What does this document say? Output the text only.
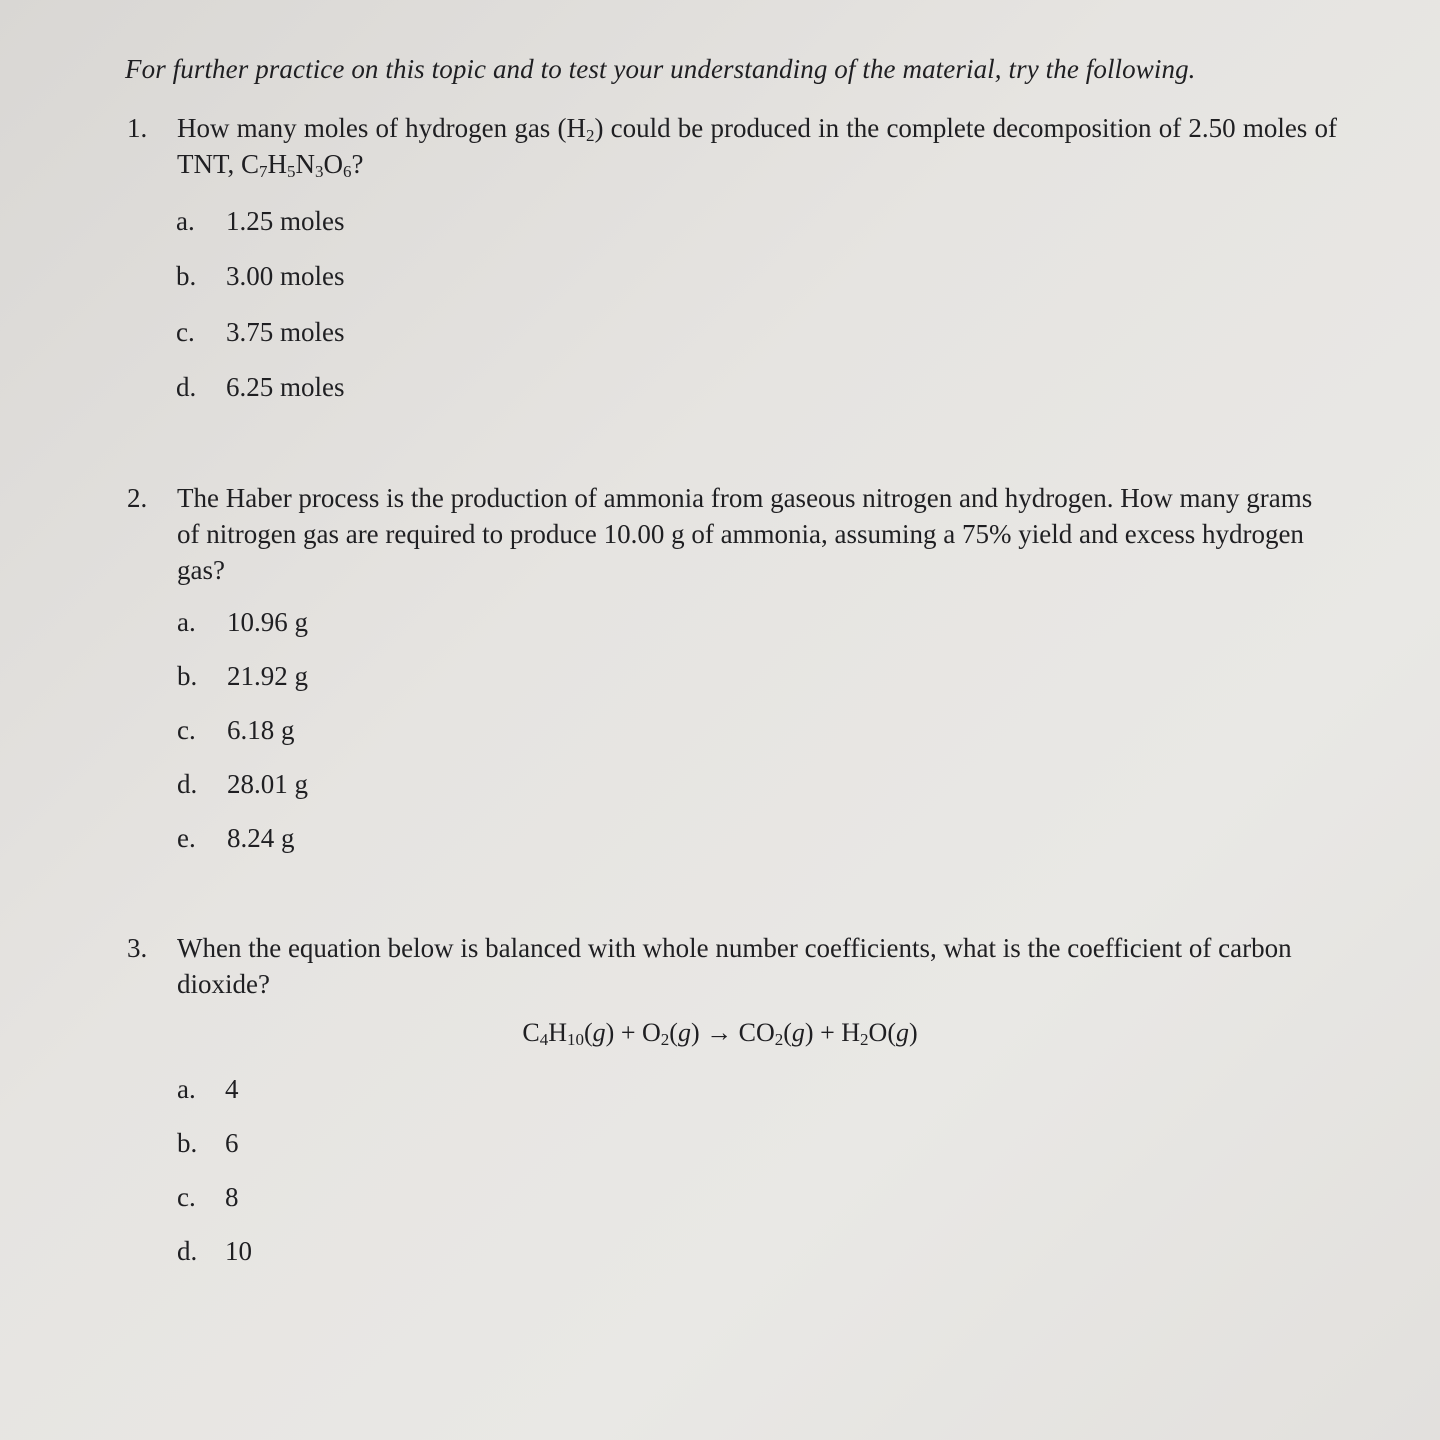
For further practice on this topic and to test your understanding of the material, try the following.
1. How many moles of hydrogen gas $(H_2)$ could be produced in the complete decomposition of 2.50 moles of TNT, $C_7H_5N_3O_6$?
a. 1.25 moles
b. 3.00 moles
c. 3.75 moles
d. 6.25 moles
2. The Haber process is the production of ammonia from gaseous nitrogen and hydrogen. How many grams of nitrogen gas are required to produce 10.00 g of ammonia, assuming a 75% yield and excess hydrogen gas?
a. 10.96 g
b. 21.92 g
c. 6.18 g
d. 28.01 g
e. 8.24 g
3. When the equation below is balanced with whole number coefficients, what is the coefficient of carbon dioxide?
$C_4H_{10}(g) + O_2(g) \to CO_2(g) + H_2O(g)$
a. 4
b. 6
c. 8
d. 10
